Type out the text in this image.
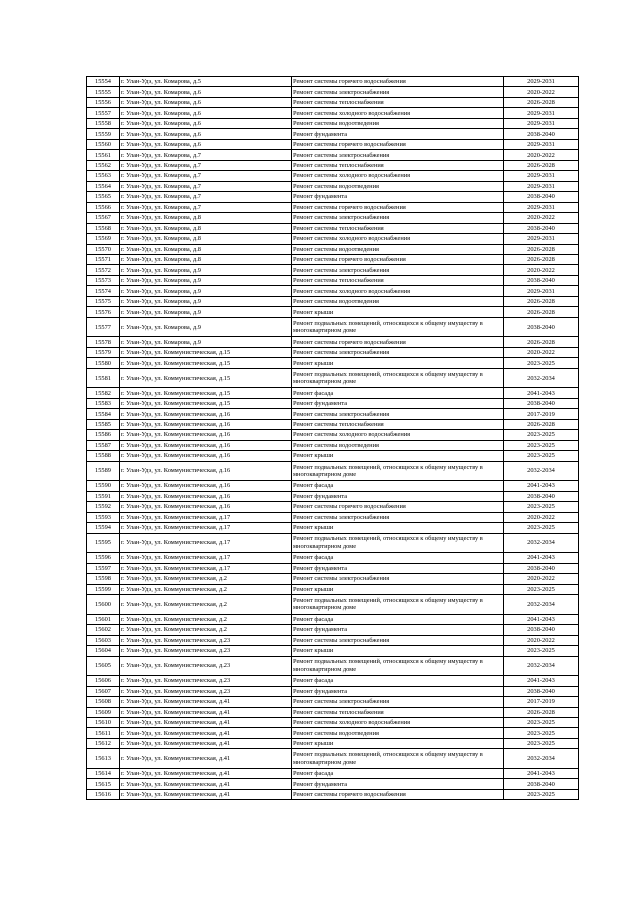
15554	г. Улан-Удэ, ул. Комарова, д.5	Ремонт системы горячего водоснабжения	2029-2031
15555	г. Улан-Удэ, ул. Комарова, д.6	Ремонт системы электроснабжения	2020-2022
15556	г. Улан-Удэ, ул. Комарова, д.6	Ремонт системы теплоснабжения	2026-2028
15557	г. Улан-Удэ, ул. Комарова, д.6	Ремонт системы холодного водоснабжения	2029-2031
15558	г. Улан-Удэ, ул. Комарова, д.6	Ремонт системы водоотведения	2029-2031
15559	г. Улан-Удэ, ул. Комарова, д.6	Ремонт фундамента	2038-2040
15560	г. Улан-Удэ, ул. Комарова, д.6	Ремонт системы горячего водоснабжения	2029-2031
15561	г. Улан-Удэ, ул. Комарова, д.7	Ремонт системы электроснабжения	2020-2022
15562	г. Улан-Удэ, ул. Комарова, д.7	Ремонт системы теплоснабжения	2026-2028
15563	г. Улан-Удэ, ул. Комарова, д.7	Ремонт системы холодного водоснабжения	2029-2031
15564	г. Улан-Удэ, ул. Комарова, д.7	Ремонт системы водоотведения	2029-2031
15565	г. Улан-Удэ, ул. Комарова, д.7	Ремонт фундамента	2038-2040
15566	г. Улан-Удэ, ул. Комарова, д.7	Ремонт системы горячего водоснабжения	2029-2031
15567	г. Улан-Удэ, ул. Комарова, д.8	Ремонт системы электроснабжения	2020-2022
15568	г. Улан-Удэ, ул. Комарова, д.8	Ремонт системы теплоснабжения	2038-2040
15569	г. Улан-Удэ, ул. Комарова, д.8	Ремонт системы холодного водоснабжения	2029-2031
15570	г. Улан-Удэ, ул. Комарова, д.8	Ремонт системы водоотведения	2026-2028
15571	г. Улан-Удэ, ул. Комарова, д.8	Ремонт системы горячего водоснабжения	2026-2028
15572	г. Улан-Удэ, ул. Комарова, д.9	Ремонт системы электроснабжения	2020-2022
15573	г. Улан-Удэ, ул. Комарова, д.9	Ремонт системы теплоснабжения	2038-2040
15574	г. Улан-Удэ, ул. Комарова, д.9	Ремонт системы холодного водоснабжения	2029-2031
15575	г. Улан-Удэ, ул. Комарова, д.9	Ремонт системы водоотведения	2026-2028
15576	г. Улан-Удэ, ул. Комарова, д.9	Ремонт крыши	2026-2028
15577	г. Улан-Удэ, ул. Комарова, д.9	Ремонт подвальных помещений, относящихся к общему имуществу в многоквартирном доме	2038-2040
15578	г. Улан-Удэ, ул. Комарова, д.9	Ремонт системы горячего водоснабжения	2026-2028
15579	г. Улан-Удэ, ул. Коммунистическая, д.15	Ремонт системы электроснабжения	2020-2022
15580	г. Улан-Удэ, ул. Коммунистическая, д.15	Ремонт крыши	2023-2025
15581	г. Улан-Удэ, ул. Коммунистическая, д.15	Ремонт подвальных помещений, относящихся к общему имуществу в многоквартирном доме	2032-2034
15582	г. Улан-Удэ, ул. Коммунистическая, д.15	Ремонт фасада	2041-2043
15583	г. Улан-Удэ, ул. Коммунистическая, д.15	Ремонт фундамента	2038-2040
15584	г. Улан-Удэ, ул. Коммунистическая, д.16	Ремонт системы электроснабжения	2017-2019
15585	г. Улан-Удэ, ул. Коммунистическая, д.16	Ремонт системы теплоснабжения	2026-2028
15586	г. Улан-Удэ, ул. Коммунистическая, д.16	Ремонт системы холодного водоснабжения	2023-2025
15587	г. Улан-Удэ, ул. Коммунистическая, д.16	Ремонт системы водоотведения	2023-2025
15588	г. Улан-Удэ, ул. Коммунистическая, д.16	Ремонт крыши	2023-2025
15589	г. Улан-Удэ, ул. Коммунистическая, д.16	Ремонт подвальных помещений, относящихся к общему имуществу в многоквартирном доме	2032-2034
15590	г. Улан-Удэ, ул. Коммунистическая, д.16	Ремонт фасада	2041-2043
15591	г. Улан-Удэ, ул. Коммунистическая, д.16	Ремонт фундамента	2038-2040
15592	г. Улан-Удэ, ул. Коммунистическая, д.16	Ремонт системы горячего водоснабжения	2023-2025
15593	г. Улан-Удэ, ул. Коммунистическая, д.17	Ремонт системы электроснабжения	2020-2022
15594	г. Улан-Удэ, ул. Коммунистическая, д.17	Ремонт крыши	2023-2025
15595	г. Улан-Удэ, ул. Коммунистическая, д.17	Ремонт подвальных помещений, относящихся к общему имуществу в многоквартирном доме	2032-2034
15596	г. Улан-Удэ, ул. Коммунистическая, д.17	Ремонт фасада	2041-2043
15597	г. Улан-Удэ, ул. Коммунистическая, д.17	Ремонт фундамента	2038-2040
15598	г. Улан-Удэ, ул. Коммунистическая, д.2	Ремонт системы электроснабжения	2020-2022
15599	г. Улан-Удэ, ул. Коммунистическая, д.2	Ремонт крыши	2023-2025
15600	г. Улан-Удэ, ул. Коммунистическая, д.2	Ремонт подвальных помещений, относящихся к общему имуществу в многоквартирном доме	2032-2034
15601	г. Улан-Удэ, ул. Коммунистическая, д.2	Ремонт фасада	2041-2043
15602	г. Улан-Удэ, ул. Коммунистическая, д.2	Ремонт фундамента	2038-2040
15603	г. Улан-Удэ, ул. Коммунистическая, д.23	Ремонт системы электроснабжения	2020-2022
15604	г. Улан-Удэ, ул. Коммунистическая, д.23	Ремонт крыши	2023-2025
15605	г. Улан-Удэ, ул. Коммунистическая, д.23	Ремонт подвальных помещений, относящихся к общему имуществу в многоквартирном доме	2032-2034
15606	г. Улан-Удэ, ул. Коммунистическая, д.23	Ремонт фасада	2041-2043
15607	г. Улан-Удэ, ул. Коммунистическая, д.23	Ремонт фундамента	2038-2040
15608	г. Улан-Удэ, ул. Коммунистическая, д.41	Ремонт системы электроснабжения	2017-2019
15609	г. Улан-Удэ, ул. Коммунистическая, д.41	Ремонт системы теплоснабжения	2026-2028
15610	г. Улан-Удэ, ул. Коммунистическая, д.41	Ремонт системы холодного водоснабжения	2023-2025
15611	г. Улан-Удэ, ул. Коммунистическая, д.41	Ремонт системы водоотведения	2023-2025
15612	г. Улан-Удэ, ул. Коммунистическая, д.41	Ремонт крыши	2023-2025
15613	г. Улан-Удэ, ул. Коммунистическая, д.41	Ремонт подвальных помещений, относящихся к общему имуществу в многоквартирном доме	2032-2034
15614	г. Улан-Удэ, ул. Коммунистическая, д.41	Ремонт фасада	2041-2043
15615	г. Улан-Удэ, ул. Коммунистическая, д.41	Ремонт фундамента	2038-2040
15616	г. Улан-Удэ, ул. Коммунистическая, д.41	Ремонт системы горячего водоснабжения	2023-2025
